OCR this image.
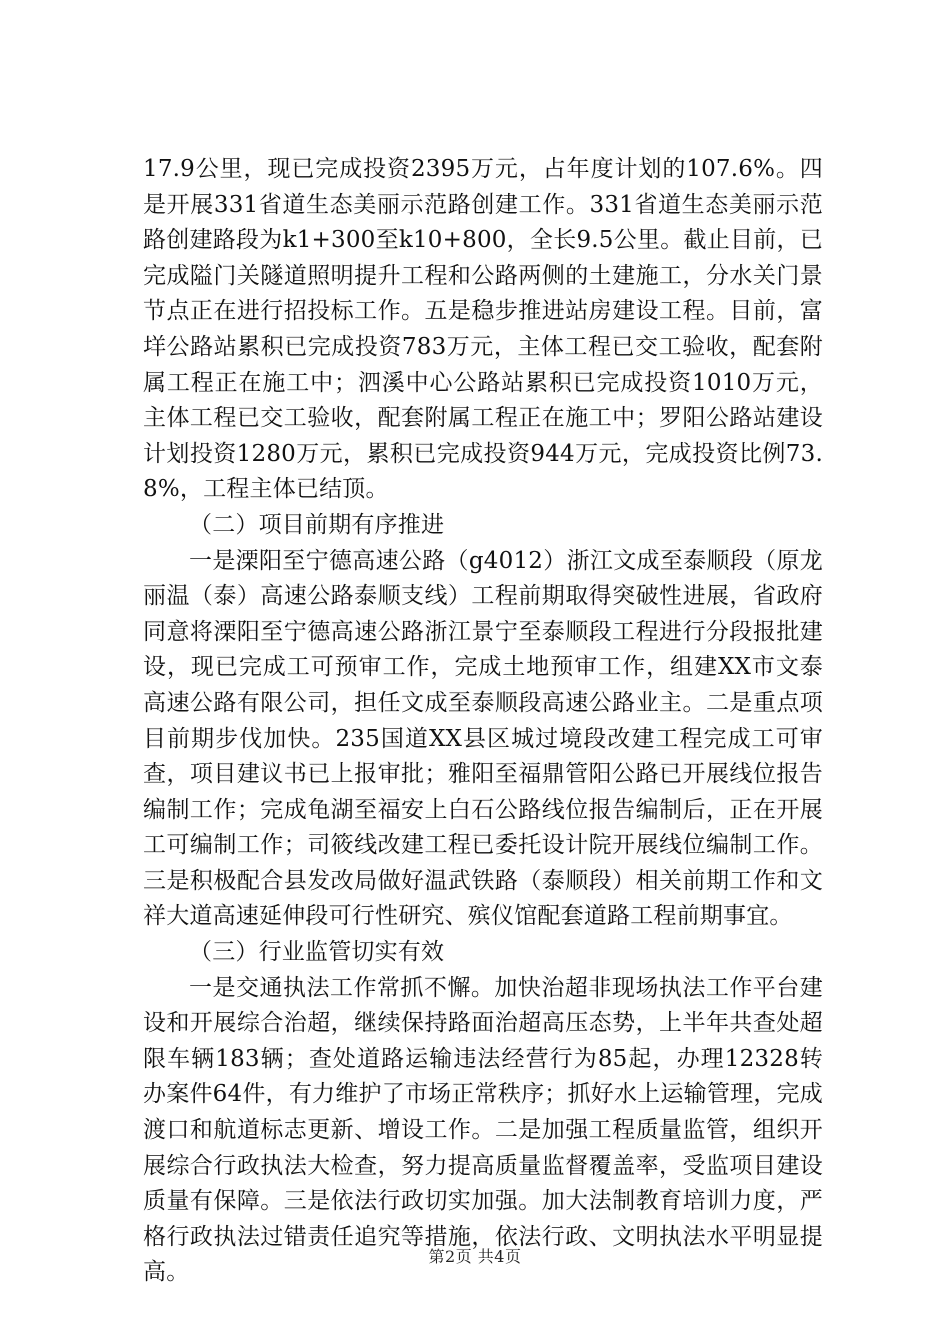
17.9公里，现已完成投资2395万元，占年度计划的107.6%。四是开展331省道生态美丽示范路创建工作。331省道生态美丽示范路创建路段为k1+300至k10+800，全长9.5公里。截止目前，已完成隘门关隧道照明提升工程和公路两侧的土建施工，分水关门景节点正在进行招投标工作。五是稳步推进站房建设工程。目前，富垟公路站累积已完成投资783万元，主体工程已交工验收，配套附属工程正在施工中；泗溪中心公路站累积已完成投资1010万元，主体工程已交工验收，配套附属工程正在施工中；罗阳公路站建设计划投资1280万元，累积已完成投资944万元，完成投资比例73.8%，工程主体已结顶。

（二）项目前期有序推进

一是溧阳至宁德高速公路（g4012）浙江文成至泰顺段（原龙丽温（泰）高速公路泰顺支线）工程前期取得突破性进展，省政府同意将溧阳至宁德高速公路浙江景宁至泰顺段工程进行分段报批建设，现已完成工可预审工作，完成土地预审工作，组建XX市文泰高速公路有限公司，担任文成至泰顺段高速公路业主。二是重点项目前期步伐加快。235国道XX县区城过境段改建工程完成工可审查，项目建议书已上报审批；雅阳至福鼎管阳公路已开展线位报告编制工作；完成龟湖至福安上白石公路线位报告编制后，正在开展工可编制工作；司筱线改建工程已委托设计院开展线位编制工作。三是积极配合县发改局做好温武铁路（泰顺段）相关前期工作和文祥大道高速延伸段可行性研究、殡仪馆配套道路工程前期事宜。

（三）行业监管切实有效

一是交通执法工作常抓不懈。加快治超非现场执法工作平台建设和开展综合治超，继续保持路面治超高压态势，上半年共查处超限车辆183辆；查处道路运输违法经营行为85起，办理12328转办案件64件，有力维护了市场正常秩序；抓好水上运输管理，完成渡口和航道标志更新、增设工作。二是加强工程质量监管，组织开展综合行政执法大检查，努力提高质量监督覆盖率，受监项目建设质量有保障。三是依法行政切实加强。加大法制教育培训力度，严格行政执法过错责任追究等措施，依法行政、文明执法水平明显提高。

第2页 共4页
